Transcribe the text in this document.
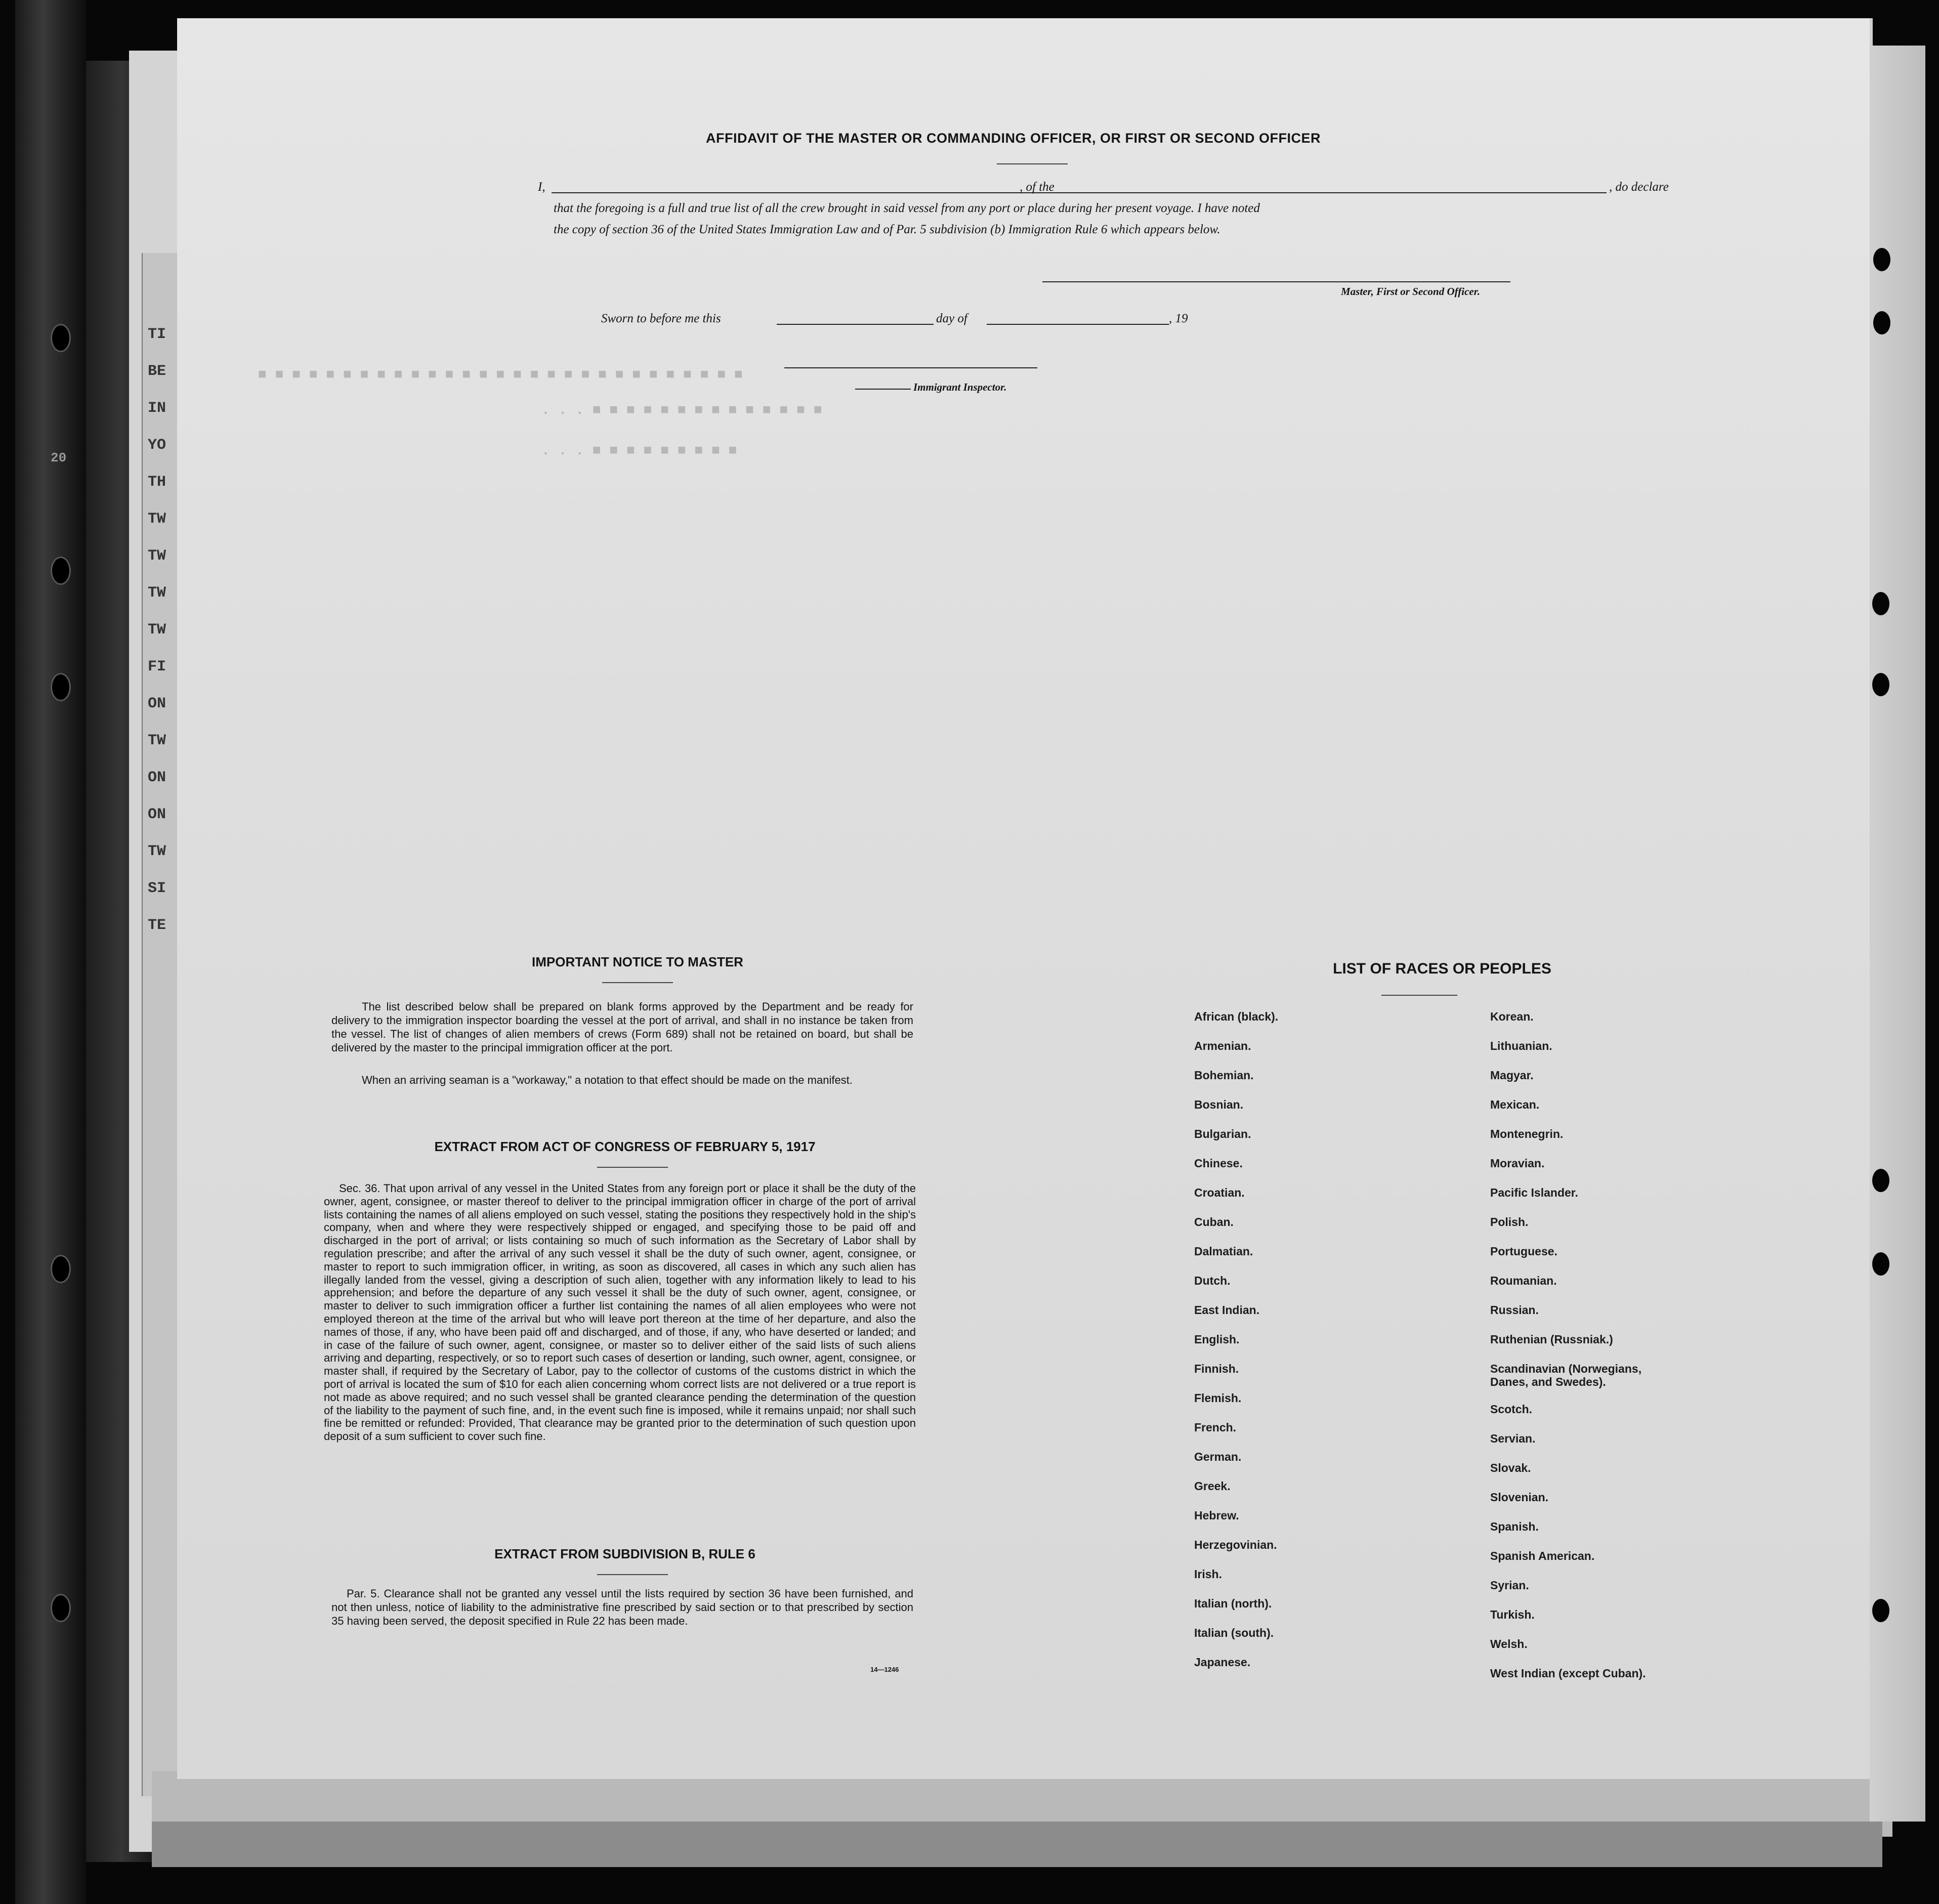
TI
BE
IN
YO
TH
TW
TW
TW
TW
FI
ON
TW
ON
ON
TW
SI
TE
20
■ ■ ■ ■ ■ ■ ■ ■ ■ ■ ■ ■ ■ ■ ■ ■ ■ ■ ■ ■ ■ ■ ■ ■ ■ ■ ■ ■ ■
. . . ■ ■ ■ ■ ■ ■ ■ ■ ■ ■ ■ ■ ■ ■
. . . ■ ■ ■ ■ ■ ■ ■ ■ ■
AFFIDAVIT OF THE MASTER OR COMMANDING OFFICER, OR FIRST OR SECOND OFFICER
I,	, of the	, do declare
that the foregoing is a full and true list of all the crew brought in said vessel from any port or place during her present voyage. I have noted
the copy of section 36 of the United States Immigration Law and of Par. 5 subdivision (b) Immigration Rule 6 which appears below.
Master, First or Second Officer.
Sworn to before me this	day of	, 19
Immigrant Inspector.
IMPORTANT NOTICE TO MASTER
The list described below shall be prepared on blank forms approved by the Department and be ready for delivery to the immigration inspector boarding the vessel at the port of arrival, and shall in no instance be taken from the vessel. The list of changes of alien members of crews (Form 689) shall not be retained on board, but shall be delivered by the master to the principal immigration officer at the port.
When an arriving seaman is a "workaway," a notation to that effect should be made on the manifest.
EXTRACT FROM ACT OF CONGRESS OF FEBRUARY 5, 1917
Sec. 36. That upon arrival of any vessel in the United States from any foreign port or place it shall be the duty of the owner, agent, consignee, or master thereof to deliver to the principal immigration officer in charge of the port of arrival lists containing the names of all aliens employed on such vessel, stating the positions they respectively hold in the ship's company, when and where they were respectively shipped or engaged, and specifying those to be paid off and discharged in the port of arrival; or lists containing so much of such information as the Secretary of Labor shall by regulation prescribe; and after the arrival of any such vessel it shall be the duty of such owner, agent, consignee, or master to report to such immigration officer, in writing, as soon as discovered, all cases in which any such alien has illegally landed from the vessel, giving a description of such alien, together with any information likely to lead to his apprehension; and before the departure of any such vessel it shall be the duty of such owner, agent, consignee, or master to deliver to such immigration officer a further list containing the names of all alien employees who were not employed thereon at the time of the arrival but who will leave port thereon at the time of her departure, and also the names of those, if any, who have been paid off and discharged, and of those, if any, who have deserted or landed; and in case of the failure of such owner, agent, consignee, or master so to deliver either of the said lists of such aliens arriving and departing, respectively, or so to report such cases of desertion or landing, such owner, agent, consignee, or master shall, if required by the Secretary of Labor, pay to the collector of customs of the customs district in which the port of arrival is located the sum of $10 for each alien concerning whom correct lists are not delivered or a true report is not made as above required; and no such vessel shall be granted clearance pending the determination of the question of the liability to the payment of such fine, and, in the event such fine is imposed, while it remains unpaid; nor shall such fine be remitted or refunded: Provided, That clearance may be granted prior to the determination of such question upon deposit of a sum sufficient to cover such fine.
EXTRACT FROM SUBDIVISION B, RULE 6
Par. 5. Clearance shall not be granted any vessel until the lists required by section 36 have been furnished, and not then unless, notice of liability to the administrative fine prescribed by said section or to that prescribed by section 35 having been served, the deposit specified in Rule 22 has been made.
14—1246
LIST OF RACES OR PEOPLES
African (black).
Armenian.
Bohemian.
Bosnian.
Bulgarian.
Chinese.
Croatian.
Cuban.
Dalmatian.
Dutch.
East Indian.
English.
Finnish.
Flemish.
French.
German.
Greek.
Hebrew.
Herzegovinian.
Irish.
Italian (north).
Italian (south).
Japanese.
Korean.
Lithuanian.
Magyar.
Mexican.
Montenegrin.
Moravian.
Pacific Islander.
Polish.
Portuguese.
Roumanian.
Russian.
Ruthenian (Russniak.)
Scandinavian (Norwegians, Danes, and Swedes).
Scotch.
Servian.
Slovak.
Slovenian.
Spanish.
Spanish American.
Syrian.
Turkish.
Welsh.
West Indian (except Cuban).
